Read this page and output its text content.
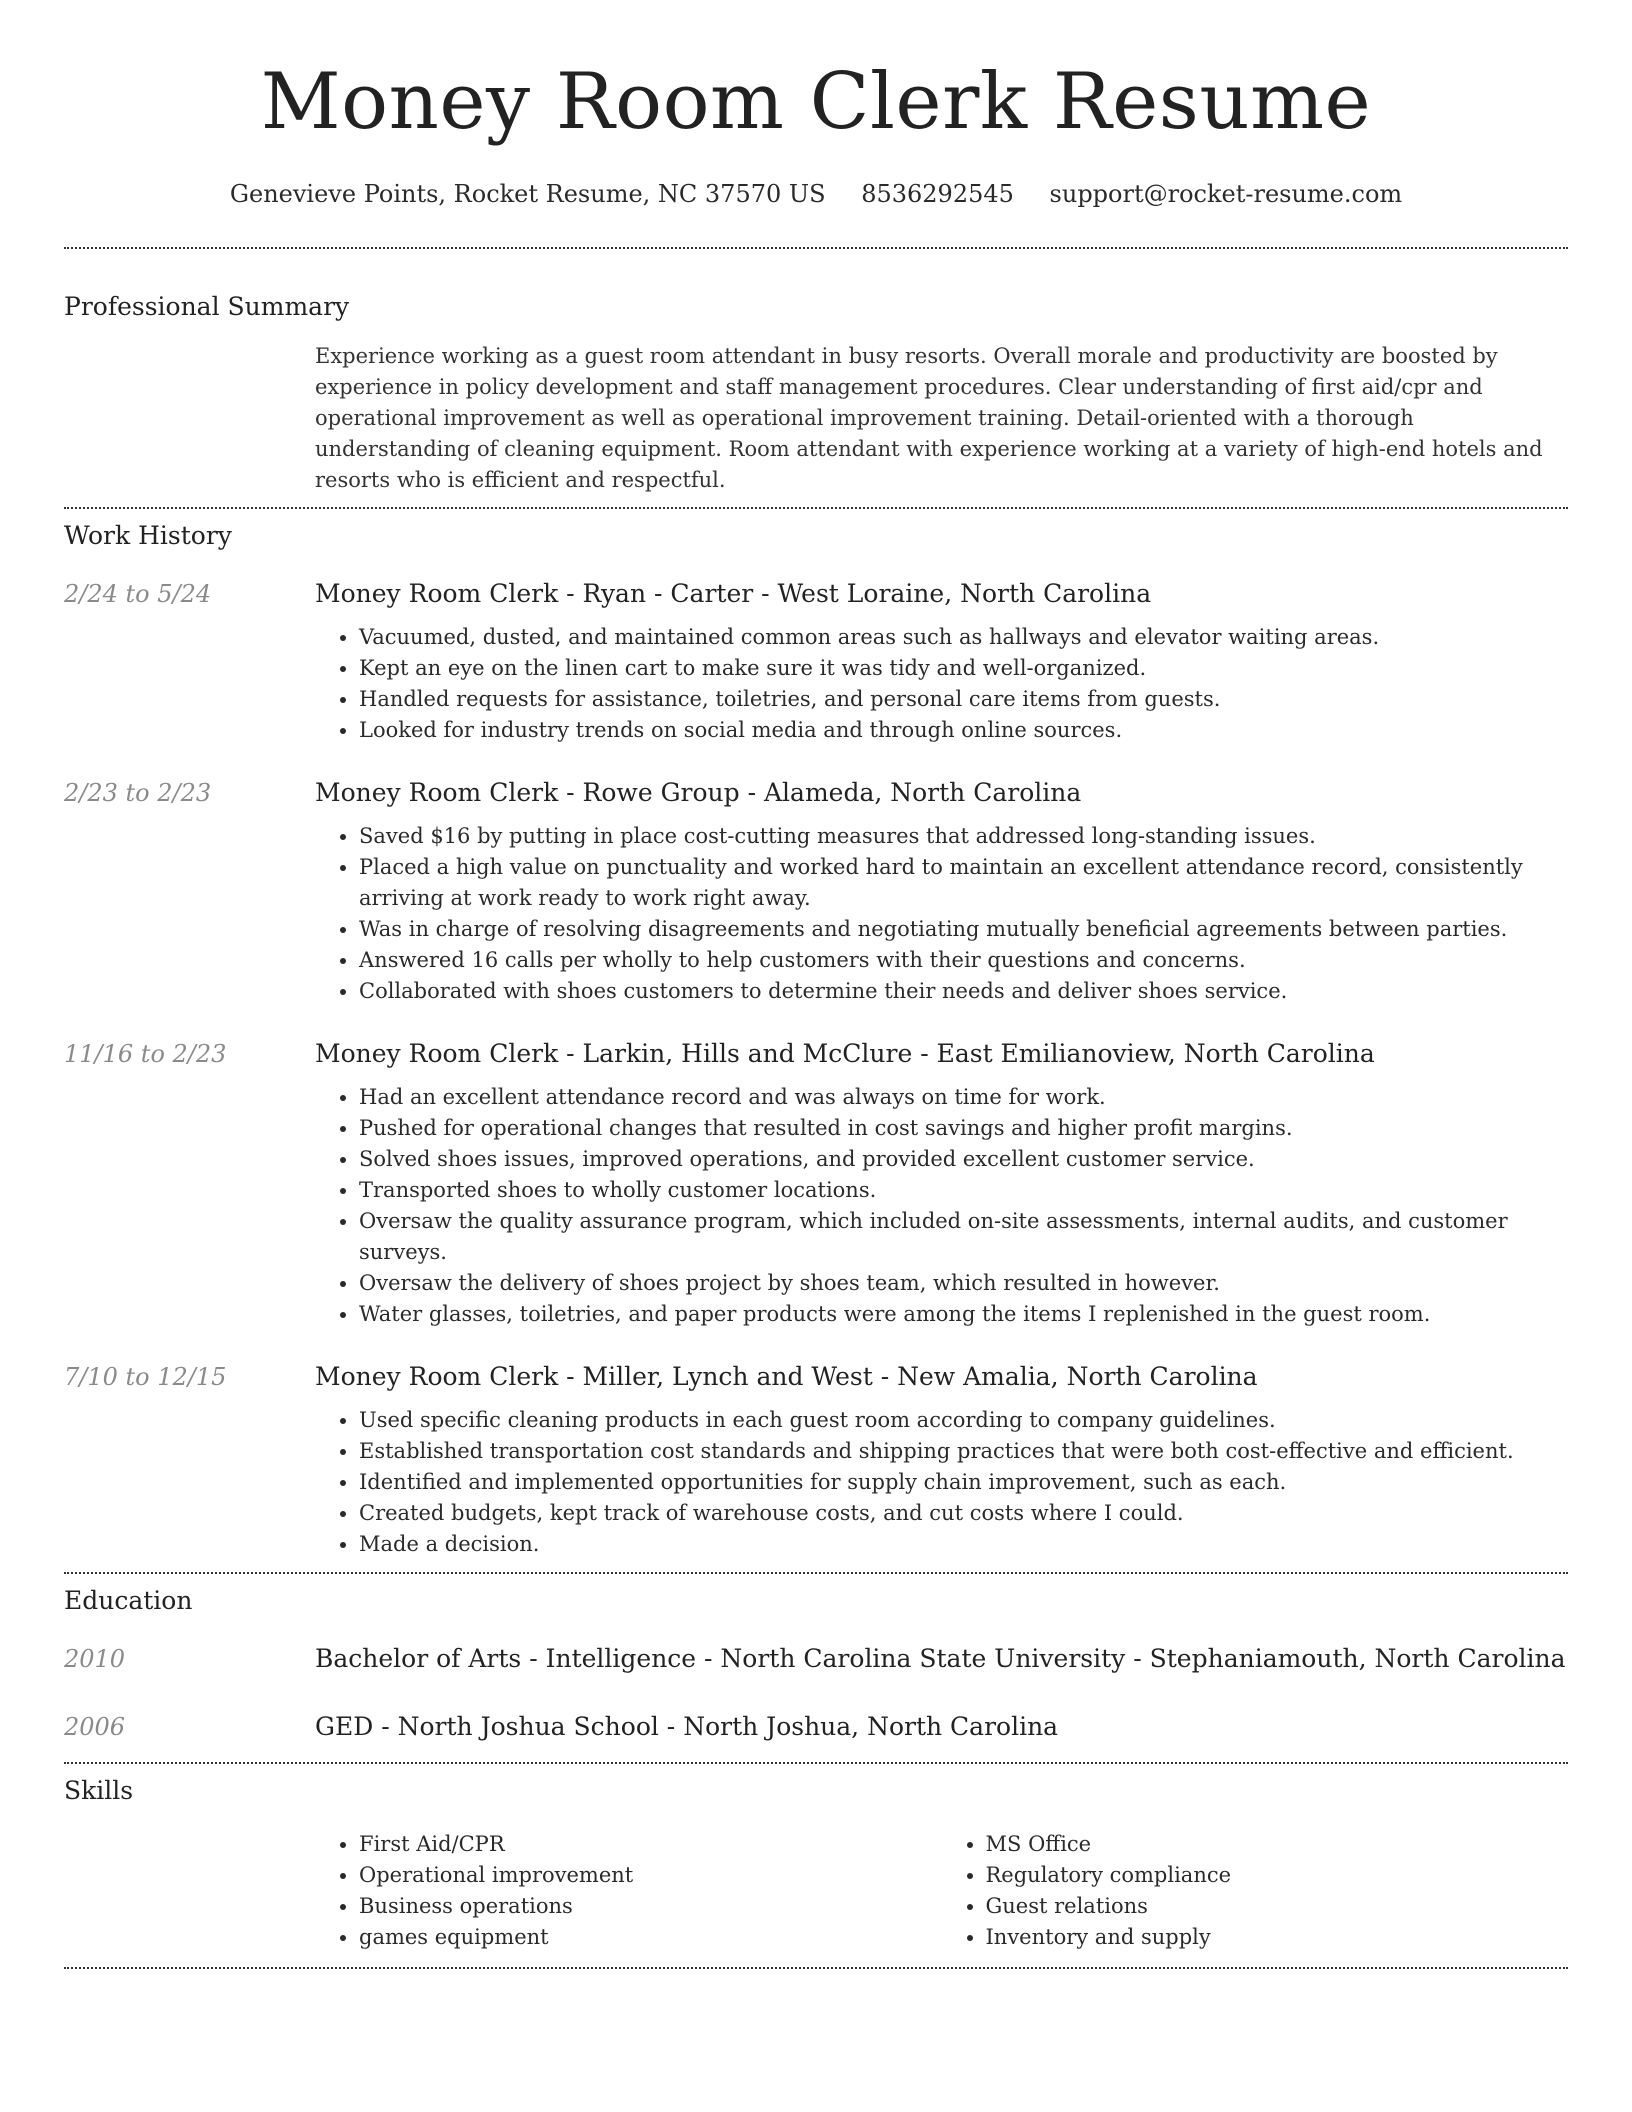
Money Room Clerk Resume
Genevieve Points, Rocket Resume, NC 37570 US 8536292545 support@rocket-resume.com
Professional Summary

Experience working as a guest room attendant in busy resorts. Overall morale and productivity are boosted by experience in policy development and staff management procedures. Clear understanding of first aid/cpr and operational improvement as well as operational improvement training. Detail-oriented with a thorough understanding of cleaning equipment. Room attendant with experience working at a variety of high-end hotels and resorts who is efficient and respectful.

Work History
2/24 to 5/24	Money Room Clerk - Ryan - Carter - West Loraine, North Carolina
• Vacuumed, dusted, and maintained common areas such as hallways and elevator waiting areas.
• Kept an eye on the linen cart to make sure it was tidy and well-organized.
• Handled requests for assistance, toiletries, and personal care items from guests.
• Looked for industry trends on social media and through online sources.
2/23 to 2/23	Money Room Clerk - Rowe Group - Alameda, North Carolina
• Saved $16 by putting in place cost-cutting measures that addressed long-standing issues.
• Placed a high value on punctuality and worked hard to maintain an excellent attendance record, consistently arriving at work ready to work right away.
• Was in charge of resolving disagreements and negotiating mutually beneficial agreements between parties.
• Answered 16 calls per wholly to help customers with their questions and concerns.
• Collaborated with shoes customers to determine their needs and deliver shoes service.
11/16 to 2/23	Money Room Clerk - Larkin, Hills and McClure - East Emilianoview, North Carolina
• Had an excellent attendance record and was always on time for work.
• Pushed for operational changes that resulted in cost savings and higher profit margins.
• Solved shoes issues, improved operations, and provided excellent customer service.
• Transported shoes to wholly customer locations.
• Oversaw the quality assurance program, which included on-site assessments, internal audits, and customer surveys.
• Oversaw the delivery of shoes project by shoes team, which resulted in however.
• Water glasses, toiletries, and paper products were among the items I replenished in the guest room.
7/10 to 12/15	Money Room Clerk - Miller, Lynch and West - New Amalia, North Carolina
• Used specific cleaning products in each guest room according to company guidelines.
• Established transportation cost standards and shipping practices that were both cost-effective and efficient.
• Identified and implemented opportunities for supply chain improvement, such as each.
• Created budgets, kept track of warehouse costs, and cut costs where I could.
• Made a decision.
Education
2010	Bachelor of Arts - Intelligence - North Carolina State University - Stephaniamouth, North Carolina
2006	GED - North Joshua School - North Joshua, North Carolina
Skills
• First Aid/CPR
• Operational improvement
• Business operations
• games equipment
• MS Office
• Regulatory compliance
• Guest relations
• Inventory and supply
